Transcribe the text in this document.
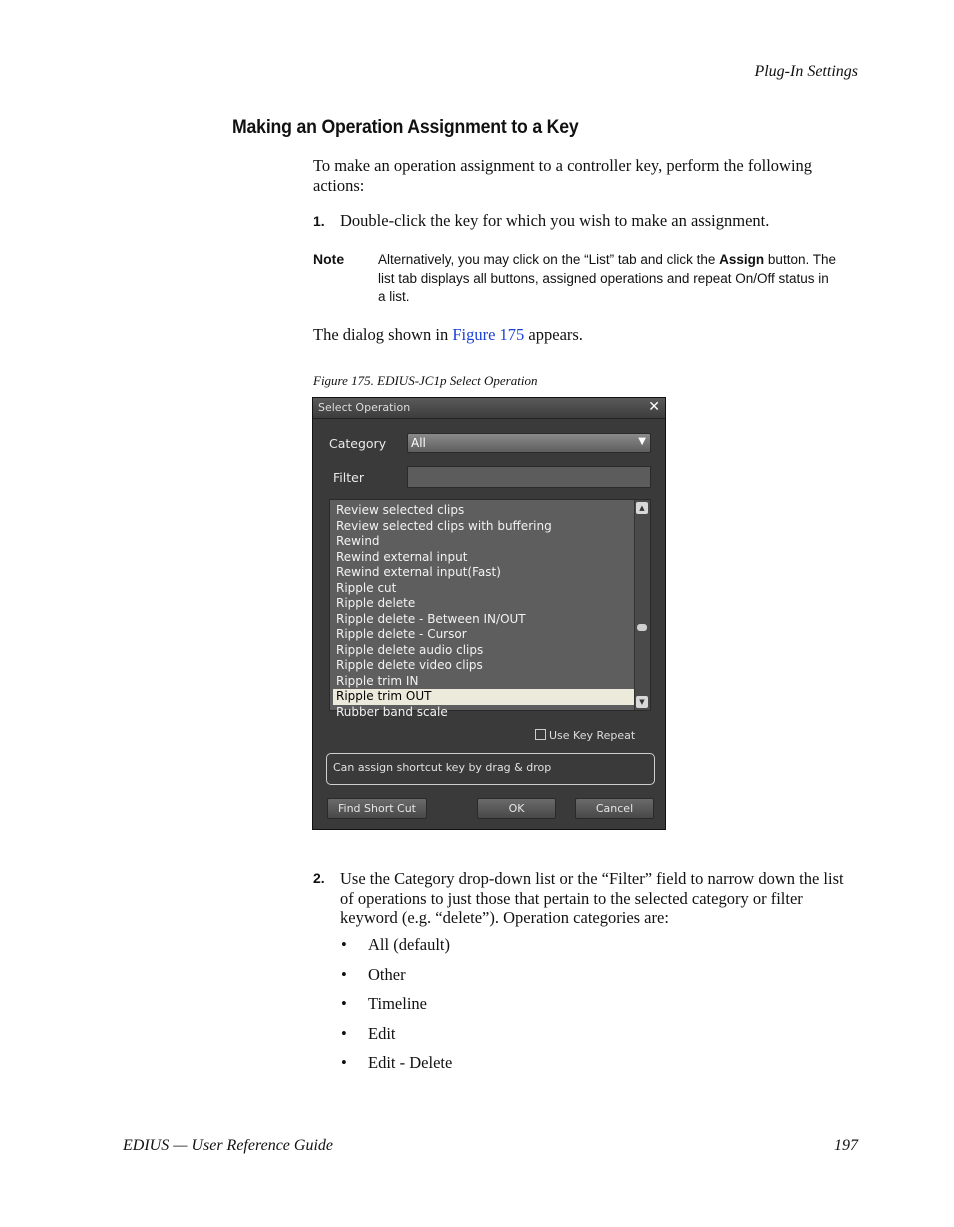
Plug-In Settings
Making an Operation Assignment to a Key
To make an operation assignment to a controller key, perform the following actions:
1. Double-click the key for which you wish to make an assignment.
Note	Alternatively, you may click on the “List” tab and click the Assign button. The list tab displays all buttons, assigned operations and repeat On/Off status in a list.
The dialog shown in Figure 175 appears.
Figure 175. EDIUS-JC1p Select Operation
Select Operation	✕
Category All	▼
Filter
Review selected clips
Review selected clips with buffering
Rewind
Rewind external input
Rewind external input(Fast)
Ripple cut
Ripple delete
Ripple delete - Between IN/OUT
Ripple delete - Cursor
Ripple delete audio clips
Ripple delete video clips
Ripple trim IN
Ripple trim OUT
Rubber band scale
▲
▼
Use Key Repeat
Can assign shortcut key by drag & drop
Find Short Cut	OK	Cancel
2. Use the Category drop-down list or the “Filter” field to narrow down the list of operations to just those that pertain to the selected category or filter keyword (e.g. “delete”). Operation categories are:
• All (default)
• Other
• Timeline
• Edit
• Edit - Delete
EDIUS — User Reference Guide	197
